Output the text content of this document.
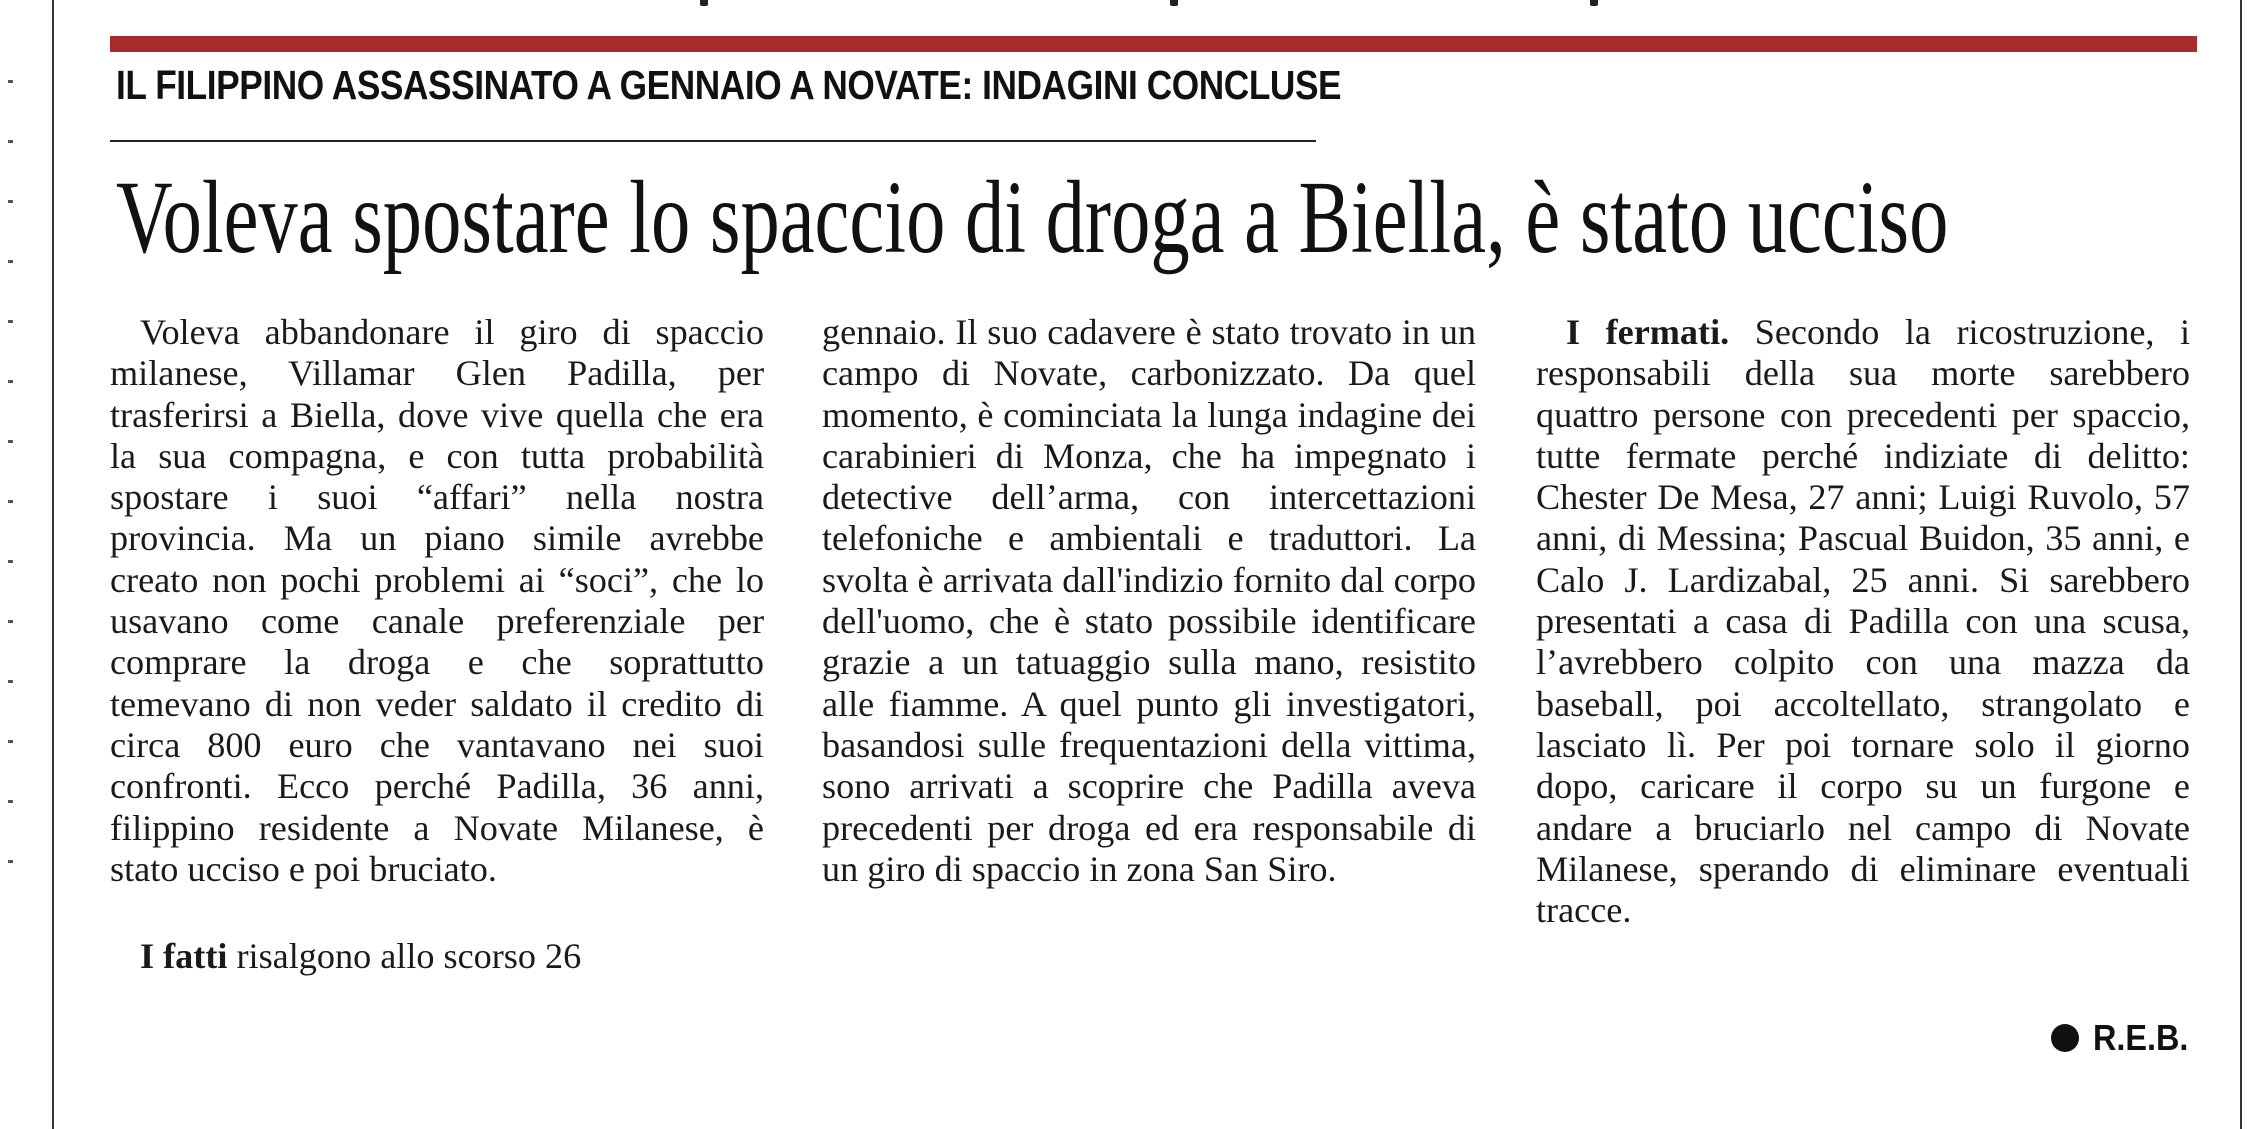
IL FILIPPINO ASSASSINATO A GENNAIO A NOVATE: INDAGINI CONCLUSE
Voleva spostare lo spaccio di droga a Biella, è stato ucciso

Voleva abbandonare il giro di spaccio milanese, Villamar Glen Padilla, per trasferirsi a Biella, dove vive quella che era la sua compagna, e con tutta probabilità spostare i suoi “affari” nella nostra provincia. Ma un piano simile avrebbe creato non pochi problemi ai “soci”, che lo usavano come canale preferenziale per comprare la droga e che soprattutto temevano di non veder saldato il credito di circa 800 euro che vantavano nei suoi confronti. Ecco perché Padilla, 36 anni, filippino residente a Novate Milanese, è stato ucciso e poi bruciato.

I fatti risalgono allo scorso 26

gennaio. Il suo cadavere è stato trovato in un campo di Novate, carbonizzato. Da quel momento, è cominciata la lunga indagine dei carabinieri di Monza, che ha impegnato i detective dell’arma, con intercettazioni telefoniche e ambientali e traduttori. La svolta è arrivata dall'indizio fornito dal corpo dell'uomo, che è stato possibile identificare grazie a un tatuaggio sulla mano, resistito alle fiamme. A quel punto gli investigatori, basandosi sulle frequentazioni della vittima, sono arrivati a scoprire che Padilla aveva precedenti per droga ed era responsabile di un giro di spaccio in zona San Siro.

I fermati. Secondo la ricostruzione, i responsabili della sua morte sarebbero quattro persone con precedenti per spaccio, tutte fermate perché indiziate di delitto: Chester De Mesa, 27 anni; Luigi Ruvolo, 57 anni, di Messina; Pascual Buidon, 35 anni, e Calo J. Lardizabal, 25 anni. Si sarebbero presentati a casa di Padilla con una scusa, l’avrebbero colpito con una mazza da baseball, poi accoltellato, strangolato e lasciato lì. Per poi tornare solo il giorno dopo, caricare il corpo su un furgone e andare a bruciarlo nel campo di Novate Milanese, sperando di eliminare eventuali tracce.

R.E.B.
